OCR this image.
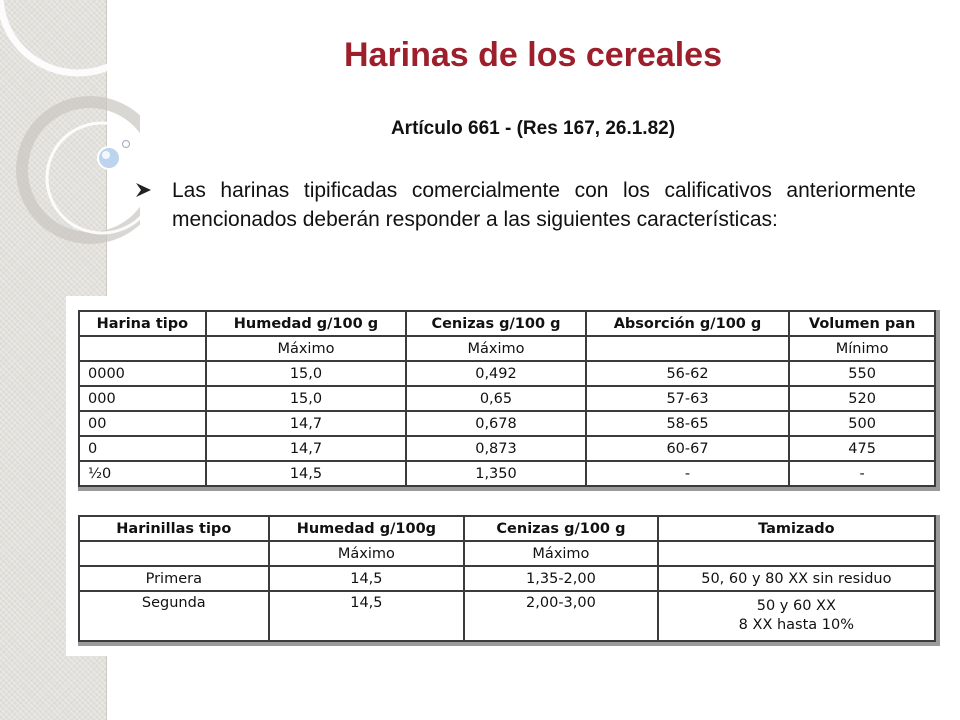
Harinas de los cereales
Artículo 661 - (Res 167, 26.1.82)
Las harinas tipificadas comercialmente con los calificativos anteriormente mencionados deberán responder a las siguientes características:
Harina tipo	Humedad g/100 g	Cenizas g/100 g	Absorción g/100 g	Volumen pan
	Máximo	Máximo		Mínimo
0000	15,0	0,492	56-62	550
000	15,0	0,65	57-63	520
00	14,7	0,678	58-65	500
0	14,7	0,873	60-67	475
½0	14,5	1,350	-	-
Harinillas tipo	Humedad g/100g	Cenizas g/100 g	Tamizado
	Máximo	Máximo	
Primera	14,5	1,35-2,00	50, 60 y 80 XX sin residuo
Segunda	14,5	2,00-3,00	50 y 60 XX
8 XX hasta 10%
